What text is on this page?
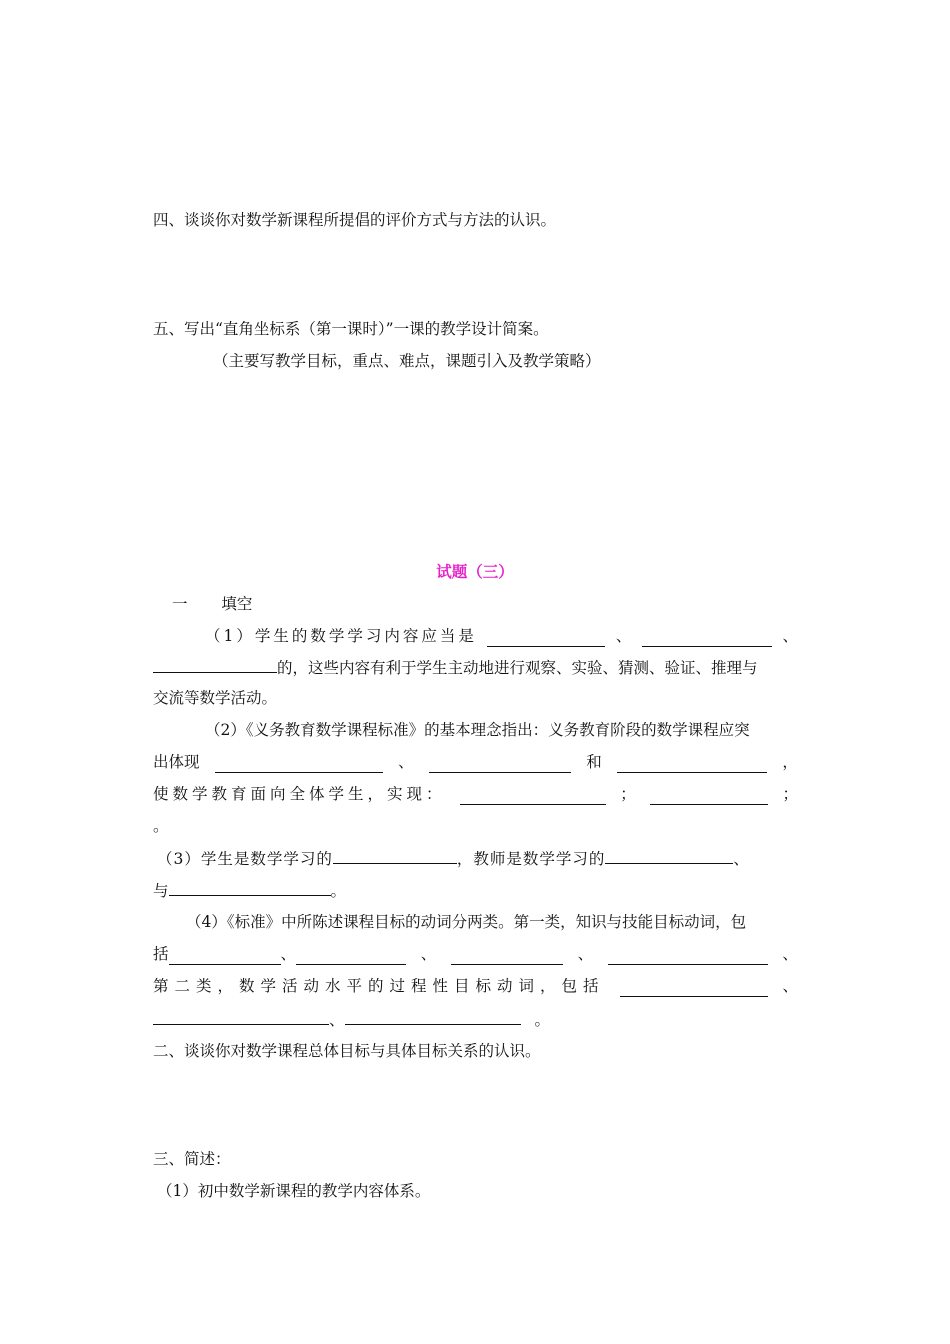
四、谈谈你对数学新课程所提倡的评价方式与方法的认识。
五、写出“直角坐标系（第一课时）”一课的教学设计简案。
（主要写教学目标，重点、难点，课题引入及教学策略）
试题（三）
一 填空
（1）学生的数学学习内容应当是	、	、
的，这些内容有利于学生主动地进行观察、实验、猜测、验证、推理与
交流等数学活动。
（2）《义务教育数学课程标准》的基本理念指出：义务教育阶段的数学课程应突
出体现	、	和	，
使数学教育面向全体学生，实现：	；	；
。
（3）学生是数学学习的	，教师是数学学习的	、
与	。
（4）《标准》中所陈述课程目标的动词分两类。第一类，知识与技能目标动词，包
括	、	、	、	、
第二类，数学活动水平的过程性目标动词，包括	、
、	。
二、谈谈你对数学课程总体目标与具体目标关系的认识。
三、简述：
（1）初中数学新课程的教学内容体系。
